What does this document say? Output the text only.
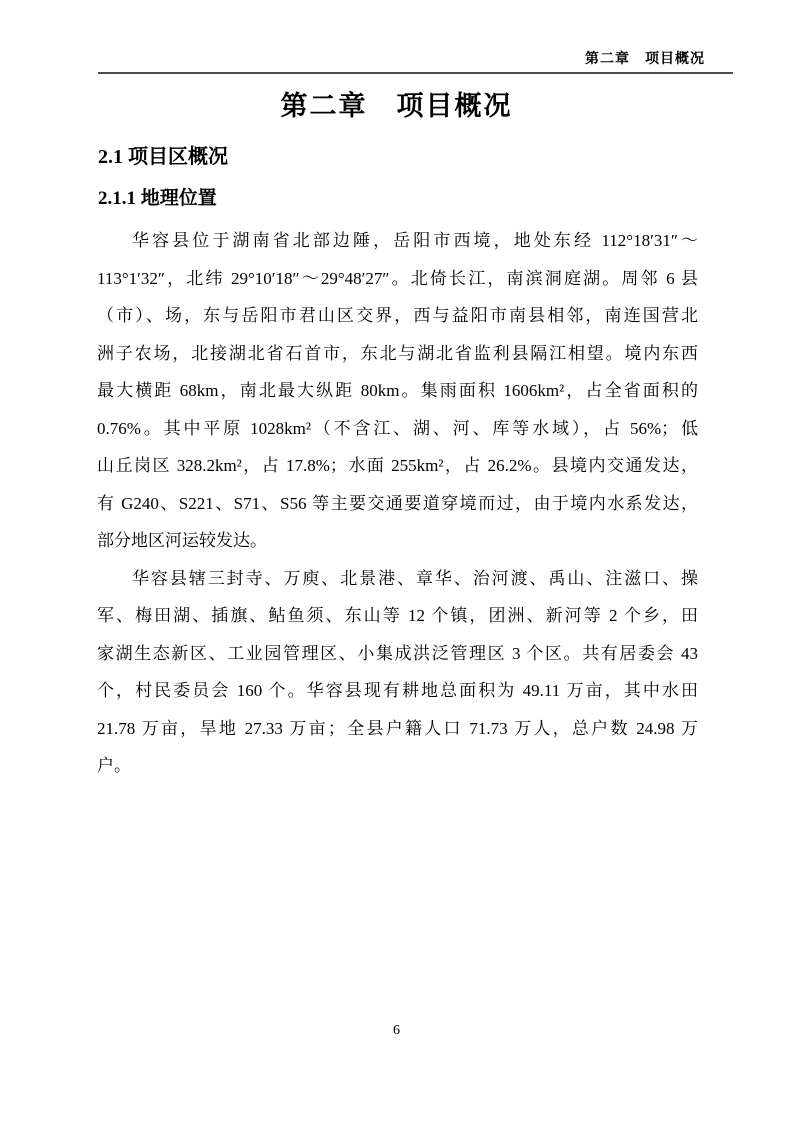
第二章　项目概况
第二章　项目概况
2.1 项目区概况
2.1.1 地理位置
华容县位于湖南省北部边陲，岳阳市西境，地处东经 112°18′31″～
113°1′32″，北纬 29°10′18″～29°48′27″。北倚长江，南滨洞庭湖。周邻 6 县
（市）、场，东与岳阳市君山区交界，西与益阳市南县相邻，南连国营北
洲子农场，北接湖北省石首市，东北与湖北省监利县隔江相望。境内东西
最大横距 68km，南北最大纵距 80km。集雨面积 1606km²，占全省面积的
0.76%。其中平原 1028km²（不含江、湖、河、库等水域），占 56%；低
山丘岗区 328.2km²，占 17.8%；水面 255km²，占 26.2%。县境内交通发达，
有 G240、S221、S71、S56 等主要交通要道穿境而过，由于境内水系发达，
部分地区河运较发达。
华容县辖三封寺、万庾、北景港、章华、治河渡、禹山、注滋口、操
军、梅田湖、插旗、鲇鱼须、东山等 12 个镇，团洲、新河等 2 个乡，田
家湖生态新区、工业园管理区、小集成洪泛管理区 3 个区。共有居委会 43
个，村民委员会 160 个。华容县现有耕地总面积为 49.11 万亩，其中水田
21.78 万亩，旱地 27.33 万亩；全县户籍人口 71.73 万人，总户数 24.98 万
户。
6
